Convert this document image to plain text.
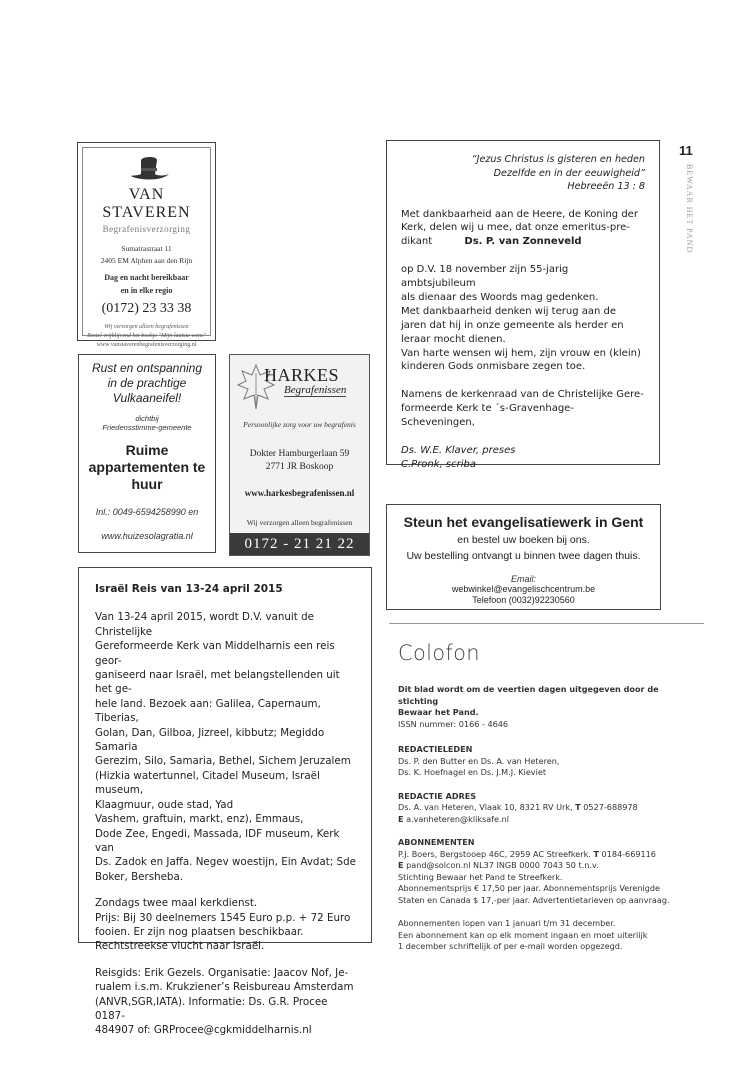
11
BEWAAR HET PAND
VAN STAVEREN
Begrafenisverzorging
Sumatrastraat 11
2405 EM Alphen aan den Rijn
Dag en nacht bereikbaar
en in elke regio
(0172) 23 33 38
Wij verzorgen alleen begrafenissen
Bestel vrijblijvend het boekje "Mijn laatste wens"
www.vanstaverenbegrafenisverzorging.nl
Rust en ontspanning
in de prachtige
Vulkaaneifel!
dichtbij
Friedensstimme-gemeente
Ruime
appartementen te
huur
Inl.: 0049-6594258990 en
www.huizesolagratia.nl
HARKES
Begrafenissen
Persoonlijke zorg voor uw begrafenis
Dokter Hamburgerlaan 59
2771 JR Boskoop
www.harkesbegrafenissen.nl
Wij verzorgen alleen begrafenissen
0172 - 21 21 22
Israël Reis van 13-24 april 2015

Van 13-24 april 2015, wordt D.V. vanuit de Christelijke
Gereformeerde Kerk van Middelharnis een reis geor-
ganiseerd naar Israël, met belangstellenden uit het ge-
hele land. Bezoek aan: Galilea, Capernaum, Tiberias,
Golan, Dan, Gilboa, Jizreel, kibbutz; Megiddo Samaria
Gerezim, Silo, Samaria, Bethel, Sichem Jeruzalem
(Hizkia watertunnel, Citadel Museum, Israël museum,
Klaagmuur, oude stad, Yad
Vashem, graftuin, markt, enz), Emmaus,
Dode Zee, Engedi, Massada, IDF museum, Kerk van
Ds. Zadok en Jaffa. Negev woestijn, Ein Avdat; Sde
Boker, Bersheba.

Zondags twee maal kerkdienst.
Prijs: Bij 30 deelnemers 1545 Euro p.p. + 72 Euro
fooien. Er zijn nog plaatsen beschikbaar.
Rechtstreekse vlucht naar Israël.

Reisgids: Erik Gezels. Organisatie: Jaacov Nof, Je-
rualem i.s.m. Krukziener’s Reisbureau Amsterdam
(ANVR,SGR,IATA). Informatie: Ds. G.R. Procee 0187-
484907 of: GRProcee@cgkmiddelharnis.nl

“Jezus Christus is gisteren en heden
Dezelfde en in der eeuwigheid”
Hebreeën 13 : 8

Met dankbaarheid aan de Heere, de Koning der
Kerk, delen wij u mee, dat onze emeritus-pre-
dikant	Ds. P. van Zonneveld

op D.V. 18 november zijn 55-jarig ambtsjubileum
als dienaar des Woords mag gedenken.
Met dankbaarheid denken wij terug aan de
jaren dat hij in onze gemeente als herder en
leraar mocht dienen.
Van harte wensen wij hem, zijn vrouw en (klein)
kinderen Gods onmisbare zegen toe.

Namens de kerkenraad van de Christelijke Gere-
formeerde Kerk te ´s-Gravenhage-Scheveningen,

Ds. W.E. Klaver, preses
C.Pronk, scriba
Steun het evangelisatiewerk in Gent
en bestel uw boeken bij ons.
Uw bestelling ontvangt u binnen twee dagen thuis.
Email:
webwinkel@evangelischcentrum.be
Telefoon (0032)92230560
Colofon
Dit blad wordt om de veertien dagen uitgegeven door de stichting
Bewaar het Pand.
ISSN nummer: 0166 - 4646
REDACTIELEDEN
Ds. P. den Butter en Ds. A. van Heteren,
Ds. K. Hoefnagel en Ds. J.M.J. Kieviet
REDACTIE ADRES
Ds. A. van Heteren, Vlaak 10, 8321 RV Urk, T 0527-688978
E a.vanheteren@kliksafe.nl
ABONNEMENTEN
P.J. Boers, Bergstooep 46C, 2959 AC Streefkerk. T 0184-669116
E pand@solcon.nl NL37 INGB 0000 7043 50 t.n.v.
Stichting Bewaar het Pand te Streefkerk.
Abonnementsprijs € 17,50 per jaar. Abonnementsprijs Verenigde
Staten en Canada $ 17,-per jaar. Advertentietarieven op aanvraag.
Abonnementen lopen van 1 januari t/m 31 december.
Een abonnement kan op elk moment ingaan en moet uiterlijk
1 december schriftelijk of per e-mail worden opgezegd.
